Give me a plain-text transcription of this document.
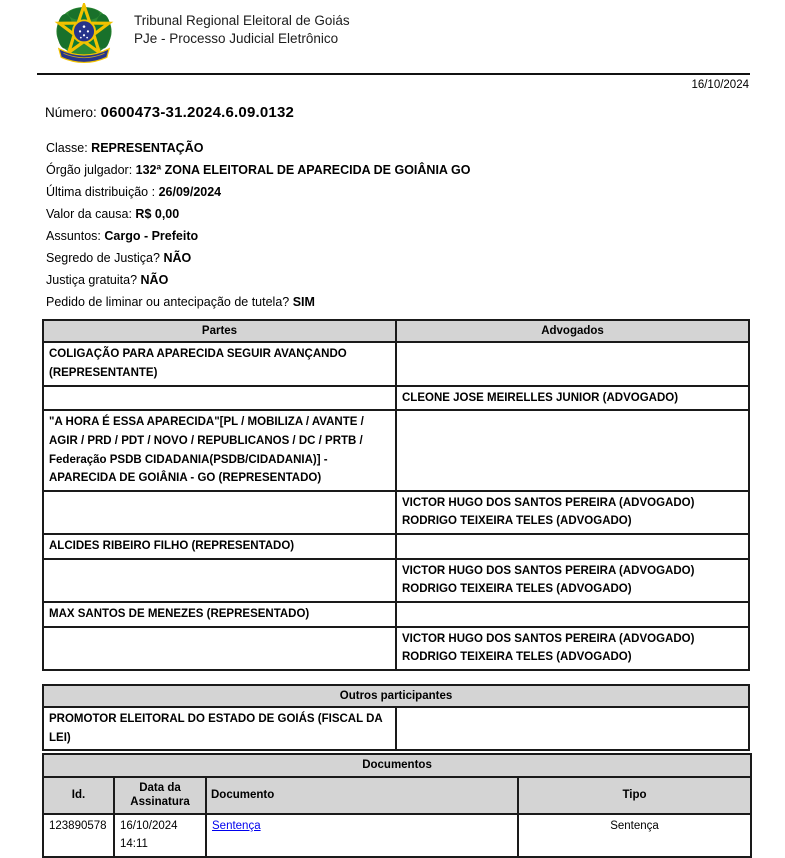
Tribunal Regional Eleitoral de Goiás
PJe - Processo Judicial Eletrônico
16/10/2024
Número: 0600473-31.2024.6.09.0132
Classe: REPRESENTAÇÃO
Órgão julgador: 132ª ZONA ELEITORAL DE APARECIDA DE GOIÂNIA GO
Última distribuição : 26/09/2024
Valor da causa: R$ 0,00
Assuntos: Cargo - Prefeito
Segredo de Justiça? NÃO
Justiça gratuita? NÃO
Pedido de liminar ou antecipação de tutela? SIM
Partes	Advogados
COLIGAÇÃO PARA APARECIDA SEGUIR AVANÇANDO (REPRESENTANTE)	

	CLEONE JOSE MEIRELLES JUNIOR (ADVOGADO)

"A HORA É ESSA APARECIDA"[PL / MOBILIZA / AVANTE / AGIR / PRD / PDT / NOVO / REPUBLICANOS / DC / PRTB / Federação PSDB CIDADANIA(PSDB/CIDADANIA)] - APARECIDA DE GOIÂNIA - GO (REPRESENTADO)	

	VICTOR HUGO DOS SANTOS PEREIRA (ADVOGADO)
RODRIGO TEIXEIRA TELES (ADVOGADO)

ALCIDES RIBEIRO FILHO (REPRESENTADO)	

	VICTOR HUGO DOS SANTOS PEREIRA (ADVOGADO)
RODRIGO TEIXEIRA TELES (ADVOGADO)

MAX SANTOS DE MENEZES (REPRESENTADO)	

	VICTOR HUGO DOS SANTOS PEREIRA (ADVOGADO)
RODRIGO TEIXEIRA TELES (ADVOGADO)
Outros participantes
PROMOTOR ELEITORAL DO ESTADO DE GOIÁS (FISCAL DA LEI)	
Documentos			
Id.	Data da Assinatura	Documento	Tipo
123890578	16/10/2024 14:11	Sentença	Sentença
